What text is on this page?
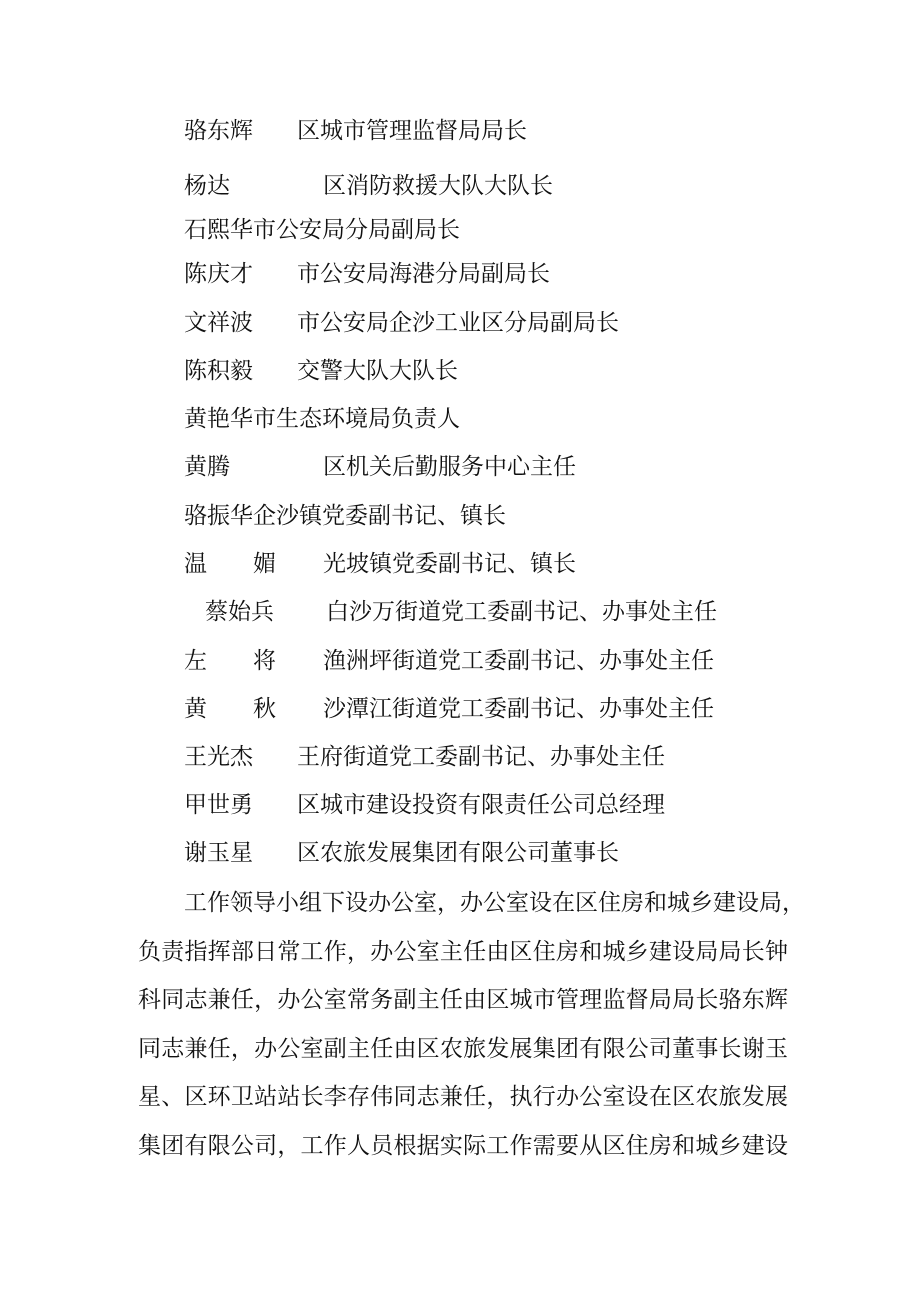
骆东辉 区城市管理监督局局长
杨达	区消防救援大队大队长
石熙华 市公安局分局副局长
陈庆才 市公安局海港分局副局长
文祥波 市公安局企沙工业区分局副局长
陈积毅 交警大队大队长
黄艳华 市生态环境局负责人
黄腾	区机关后勤服务中心主任
骆振华 企沙镇党委副书记、镇长
温　　媚 光坡镇党委副书记、镇长
蔡始兵 白沙万街道党工委副书记、办事处主任
左　　将 渔洲坪街道党工委副书记、办事处主任
黄　　秋 沙潭江街道党工委副书记、办事处主任
王光杰 王府街道党工委副书记、办事处主任
甲世勇 区城市建设投资有限责任公司总经理
谢玉星 区农旅发展集团有限公司董事长
工作领导小组下设办公室，办公室设在区住房和城乡建设局，
负责指挥部日常工作，办公室主任由区住房和城乡建设局局长钟
科同志兼任，办公室常务副主任由区城市管理监督局局长骆东辉
同志兼任，办公室副主任由区农旅发展集团有限公司董事长谢玉
星、区环卫站站长李存伟同志兼任，执行办公室设在区农旅发展
集团有限公司，工作人员根据实际工作需要从区住房和城乡建设
